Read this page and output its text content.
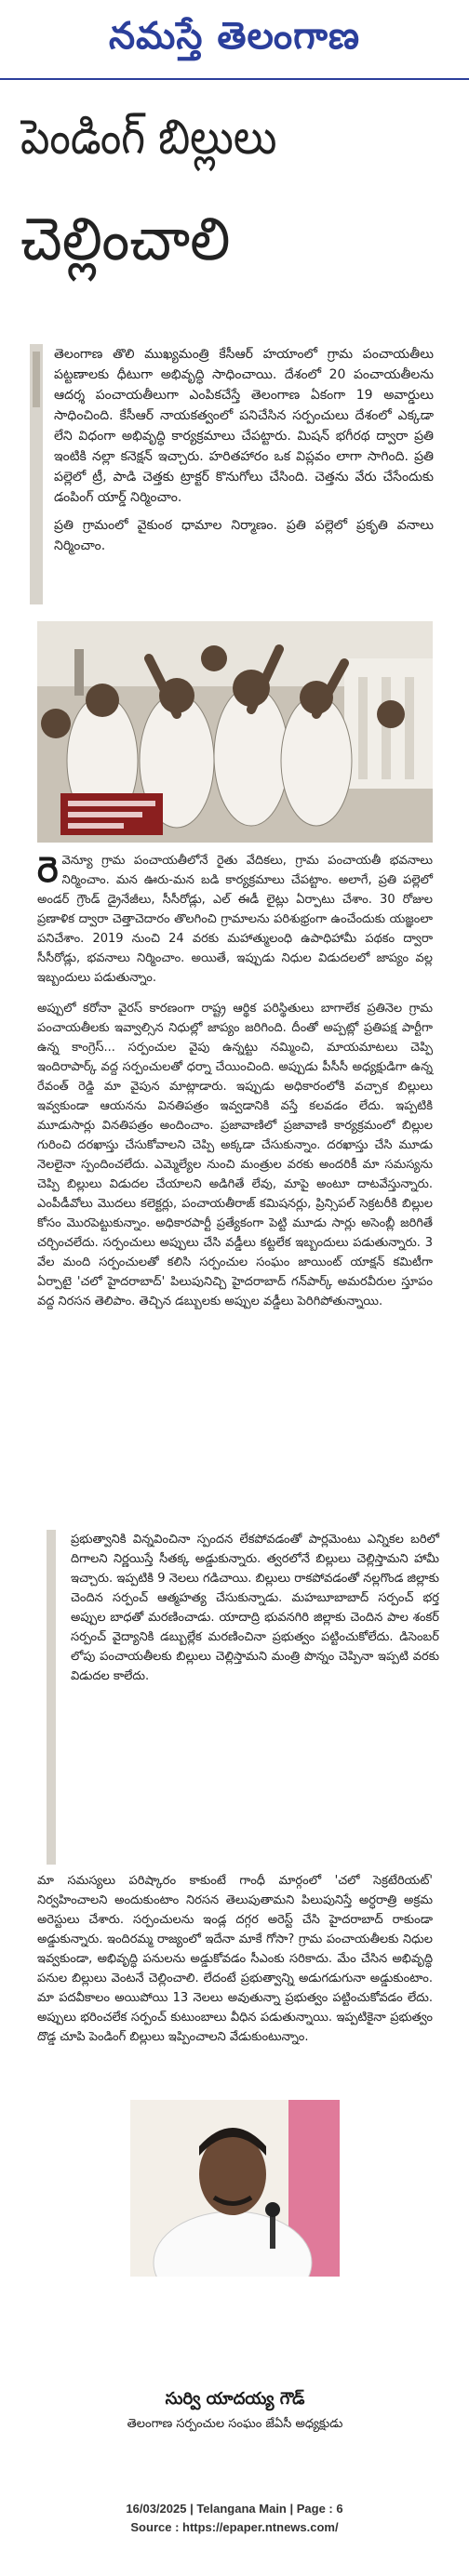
నమస్తే తెలంగాణ
పెండింగ్ బిల్లులు
చెల్లించాలి

తెలంగాణ తొలి ముఖ్యమంత్రి కేసీఆర్ హయాంలో గ్రామ పంచాయతీలు పట్టణాలకు ధీటుగా అభివృద్ధి సాధించాయి. దేశంలో 20 పంచాయతీలను ఆదర్శ పంచాయతీలుగా ఎంపికచేస్తే తెలంగాణ ఏకంగా 19 అవార్డులు సాధించింది. కేసీఆర్ నాయకత్వంలో పనిచేసిన సర్పంచులు దేశంలో ఎక్కడా లేని విధంగా అభివృద్ధి కార్యక్రమాలు చేపట్టారు. మిషన్ భగీరథ ద్వారా ప్రతి ఇంటికి నల్లా కనెక్షన్ ఇచ్చారు. హరితహారం ఒక విప్లవం లాగా సాగింది. ప్రతి పల్లెలో ట్రీ, పాడి చెత్తకు ట్రాక్టర్ కొనుగోలు చేసింది. చెత్తను వేరు చేసేందుకు డంపింగ్ యార్డ్ నిర్మించాం.

ప్రతి గ్రామంలో వైకుంఠ ధామాల నిర్మాణం. ప్రతి పల్లెలో ప్రకృతి వనాలు నిర్మించాం.

రెవెన్యూ గ్రామ పంచాయతీలోనే రైతు వేదికలు, గ్రామ పంచాయతీ భవనాలు నిర్మించాం. మన ఊరు-మన బడి కార్యక్రమాలు చేపట్టాం. అలాగే, ప్రతి పల్లెలో అండర్ గ్రౌండ్ డ్రైనేజీలు, సీసీరోడ్లు, ఎల్ ఈడీ లైట్లు ఏర్పాటు చేశాం. 30 రోజుల ప్రణాళిక ద్వారా చెత్తాచెదారం తొలగించి గ్రామాలను పరిశుభ్రంగా ఉంచేందుకు యజ్ఞంలా పనిచేశాం. 2019 నుంచి 24 వరకు మహాత్ములంధి ఉపాధిహామీ పథకం ద్వారా సీసీరోడ్లు, భవనాలు నిర్మించాం. అయితే, ఇప్పుడు నిధుల విడుదలలో జాప్యం వల్ల ఇబ్బందులు పడుతున్నాం.

అప్పులో కరోనా వైరస్ కారణంగా రాష్ట్ర ఆర్థిక పరిస్థితులు బాగాలేక ప్రతినెల గ్రామ పంచాయతీలకు ఇవ్వాల్సిన నిధుల్లో జాప్యం జరిగింది. దీంతో అప్పట్లో ప్రతిపక్ష పార్టీగా ఉన్న కాంగ్రెస్... సర్పంచుల వైపు ఉన్నట్టు నమ్మించి, మాయమాటలు చెప్పి ఇందిరాపార్క్ వద్ద సర్పంచులతో ధర్నా చేయించింది. అప్పుడు పీసీసీ అధ్యక్షుడిగా ఉన్న రేవంత్ రెడ్డి మా వైపున మాట్లాడారు. ఇప్పుడు అధికారంలోకి వచ్చాక బిల్లులు ఇవ్వకుండా ఆయనను వినతిపత్రం ఇవ్వడానికి వస్తే కలవడం లేదు. ఇప్పటికి మూడుసార్లు వినతిపత్రం అందించాం. ప్రజావాణిలో ప్రజావాణి కార్యక్రమంలో బిల్లుల గురించి దరఖాస్తు చేసుకోవాలని చెప్పి అక్కడా చేసుకున్నాం. దరఖాస్తు చేసి మూడు నెలలైనా స్పందించలేదు. ఎమ్మెల్యేల నుంచి మంత్రుల వరకు అందరికీ మా సమస్యను చెప్పి బిల్లులు విడుదల చేయాలని అడిగితే లేవు, మాపై అంటూ దాటవేస్తున్నారు. ఎంపీడీవోలు మొదలు కలెక్టర్లు, పంచాయతీరాజ్ కమిషనర్లు, ప్రిన్సిపల్ సెక్రటరీకి బిల్లుల కోసం మొరపెట్టుకున్నాం. అధికారపార్టీ ప్రత్యేకంగా పెట్టి మూడు సార్లు అసెంబ్లీ జరిగితే చర్చించలేదు. సర్పంచులు అప్పులు చేసి వడ్డీలు కట్టలేక ఇబ్బందులు పడుతున్నారు. 3 వేల మంది సర్పంచులతో కలిసి సర్పంచుల సంఘం జాయింట్ యాక్షన్ కమిటీగా ఏర్పాటై 'చలో హైదరాబాద్' పిలుపునిచ్చి హైదరాబాద్ గన్‌పార్క్ అమరవీరుల స్తూపం వద్ద నిరసన తెలిపాం. తెచ్చిన డబ్బులకు అప్పుల వడ్డీలు పెరిగిపోతున్నాయి.

ప్రభుత్వానికి విన్నవించినా స్పందన లేకపోవడంతో పార్లమెంటు ఎన్నికల బరిలో దిగాలని నిర్ణయిస్తే సీతక్క అడ్డుకున్నారు. త్వరలోనే బిల్లులు చెల్లిస్తామని హామీ ఇచ్చారు. ఇప్పటికి 9 నెలలు గడిచాయి. బిల్లులు రాకపోవడంతో నల్లగొండ జిల్లాకు చెందిన సర్పంచ్ ఆత్మహత్య చేసుకున్నాడు. మహబూబాబాద్ సర్పంచ్ భర్త అప్పుల బాధతో మరణించాడు. యాదాద్రి భువనగిరి జిల్లాకు చెందిన పాల శంకర్ సర్పంచ్ వైద్యానికి డబ్బుల్లేక మరణించినా ప్రభుత్వం పట్టించుకోలేదు. డిసెంబర్ లోపు పంచాయతీలకు బిల్లులు చెల్లిస్తామని మంత్రి పొన్నం చెప్పినా ఇప్పటి వరకు విడుదల కాలేదు.

మా సమస్యలు పరిష్కారం కాకుంటే గాంధీ మార్గంలో 'చలో సెక్రటేరియట్' నిర్వహించాలని అందుకుంటాం నిరసన తెలుపుతామని పిలుపునిస్తే అర్ధరాత్రి అక్రమ అరెస్టులు చేశారు. సర్పంచులను ఇండ్ల దగ్గర అరెస్ట్ చేసి హైదరాబాద్ రాకుండా అడ్డుకున్నారు. ఇందిరమ్మ రాజ్యంలో ఇదేనా మాకే గోసా? గ్రామ పంచాయతీలకు నిధుల ఇవ్వకుండా, అభివృద్ధి పనులను అడ్డుకోవడం సీఎంకు సరికాదు. మేం చేసిన అభివృద్ధి పనుల బిల్లులు వెంటనే చెల్లించాలి. లేదంటే ప్రభుత్వాన్ని అడుగడుగునా అడ్డుకుంటాం. మా పదవీకాలం అయిపోయి 13 నెలలు అవుతున్నా ప్రభుత్వం పట్టించుకోవడం లేదు. అప్పులు భరించలేక సర్పంచ్ కుటుంబాలు వీధిన పడుతున్నాయి. ఇప్పటికైనా ప్రభుత్వం దొడ్డ చూపి పెండింగ్ బిల్లులు ఇప్పించాలని వేడుకుంటున్నాం.

సుర్వి యాదయ్య గౌడ్
తెలంగాణ సర్పంచుల సంఘం జేఏసీ అధ్యక్షుడు
16/03/2025 | Telangana Main | Page : 6
Source : https://epaper.ntnews.com/
